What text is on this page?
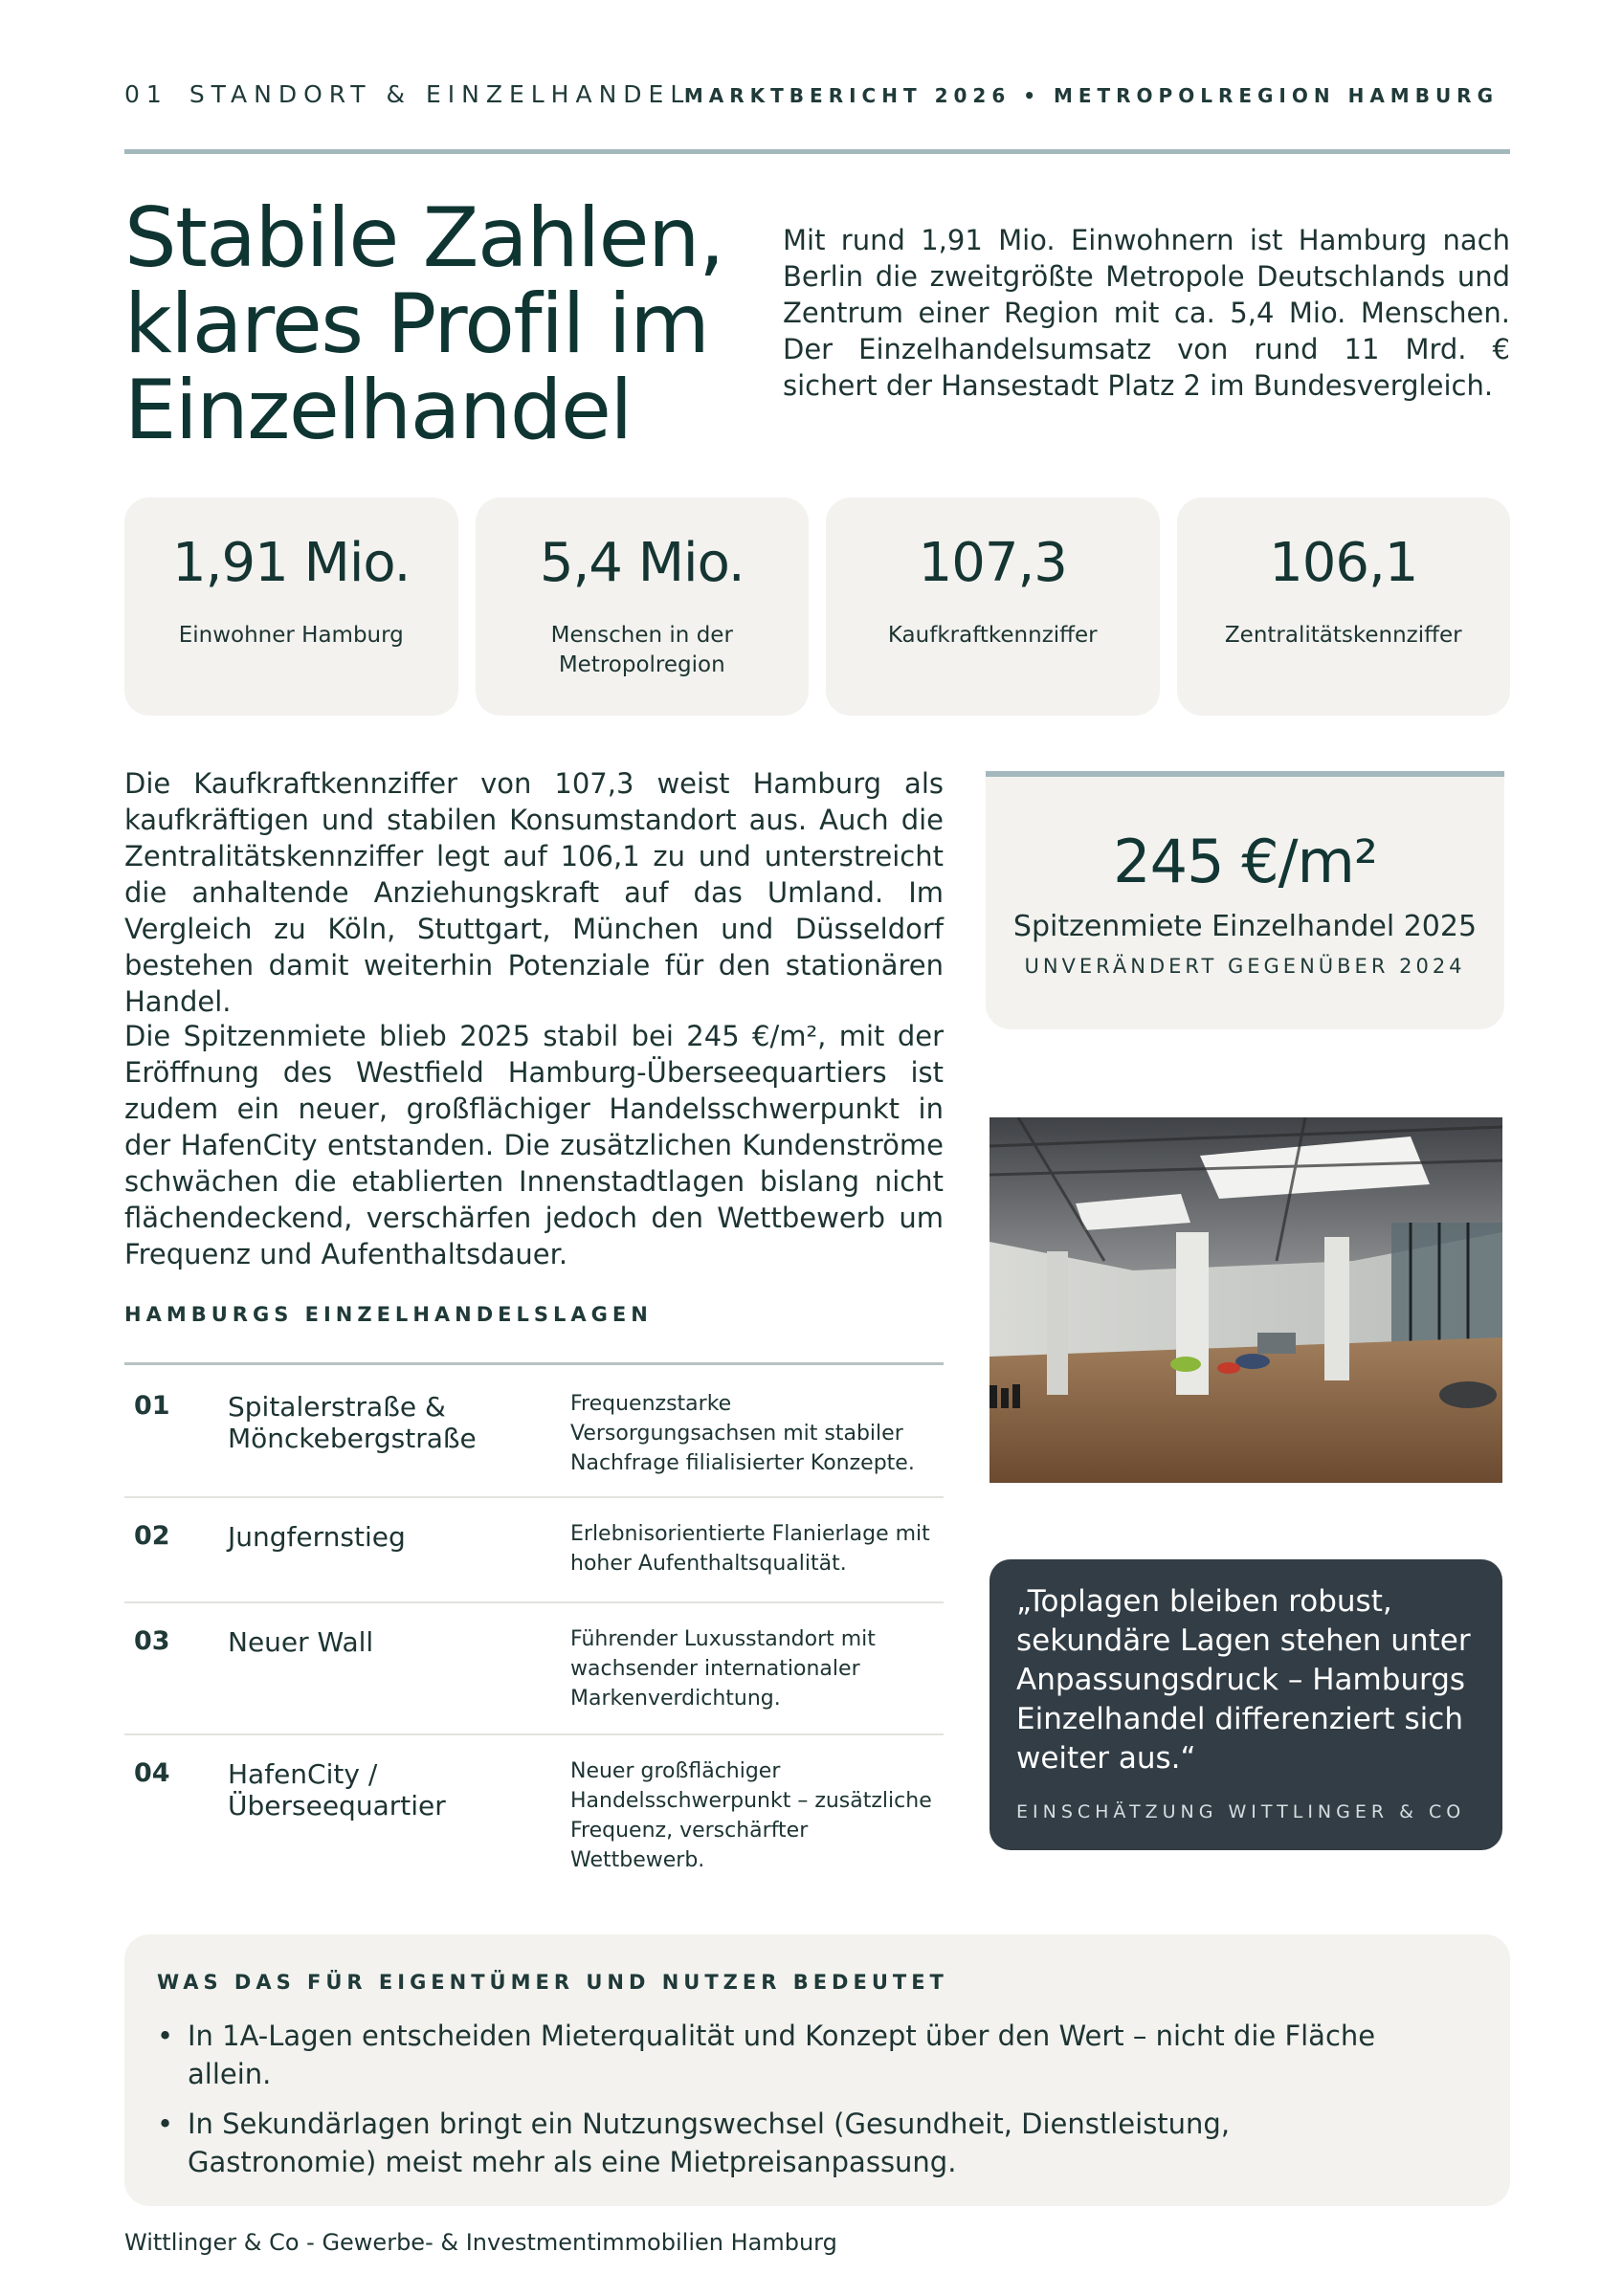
01 STANDORT & EINZELHANDEL
MARKTBERICHT 2026 • METROPOLREGION HAMBURG
Stabile Zahlen, klares Profil im Einzelhandel

Mit rund 1,91 Mio. Einwohnern ist Hamburg nach Berlin die zweitgrößte Metropole Deutschlands und Zentrum einer Region mit ca. 5,4 Mio. Menschen. Der Einzelhandelsumsatz von rund 11 Mrd. € sichert der Hansestadt Platz 2 im Bundesvergleich.

1,91 Mio.
Einwohner Hamburg
5,4 Mio.
Menschen in der Metropolregion
107,3
Kaufkraftkennziffer
106,1
Zentralitätskennziffer

Die Kaufkraftkennziffer von 107,3 weist Hamburg als kaufkräftigen und stabilen Konsumstandort aus. Auch die Zentralitätskennziffer legt auf 106,1 zu und unterstreicht die anhaltende Anziehungskraft auf das Umland. Im Vergleich zu Köln, Stuttgart, München und Düsseldorf bestehen damit weiterhin Potenziale für den stationären Handel.

Die Spitzenmiete blieb 2025 stabil bei 245 €/m², mit der Eröffnung des Westfield Hamburg-Überseequartiers ist zudem ein neuer, großflächiger Handelsschwerpunkt in der HafenCity entstanden. Die zusätzlichen Kundenströme schwächen die etablierten Innenstadtlagen bislang nicht flächendeckend, verschärfen jedoch den Wettbewerb um Frequenz und Aufenthaltsdauer.

245 €/m²
Spitzenmiete Einzelhandel 2025
UNVERÄNDERT GEGENÜBER 2024
HAMBURGS EINZELHANDELSLAGEN
01 Spitalerstraße & Mönckebergstraße
Frequenzstarke Versorgungsachsen mit stabiler Nachfrage filialisierter Konzepte.
02 Jungfernstieg	Erlebnisorientierte Flanierlage mit hoher Aufenthaltsqualität.
03 Neuer Wall	Führender Luxusstandort mit wachsender internationaler Markenverdichtung.
04 HafenCity / Überseequartier
Neuer großflächiger Handelsschwerpunkt – zusätzliche Frequenz, verschärfter Wettbewerb.
„Toplagen bleiben robust, sekundäre Lagen stehen unter Anpassungsdruck – Hamburgs Einzelhandel differenziert sich weiter aus.“
EINSCHÄTZUNG WITTLINGER & CO
WAS DAS FÜR EIGENTÜMER UND NUTZER BEDEUTET
• In 1A-Lagen entscheiden Mieterqualität und Konzept über den Wert – nicht die Fläche allein.
• In Sekundärlagen bringt ein Nutzungswechsel (Gesundheit, Dienstleistung, Gastronomie) meist mehr als eine Mietpreisanpassung.
Wittlinger & Co - Gewerbe- & Investmentimmobilien Hamburg
